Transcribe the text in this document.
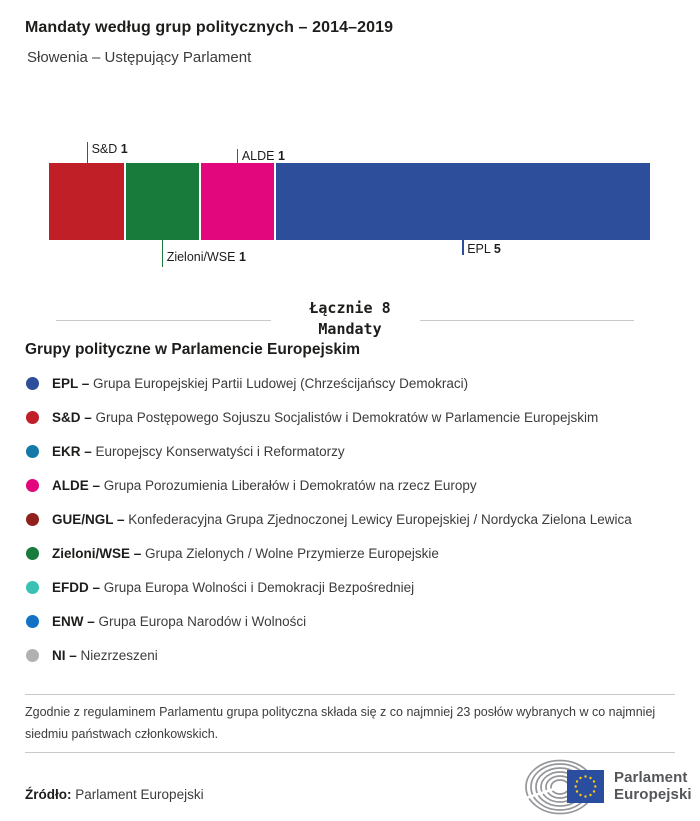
Mandaty według grup politycznych – 2014–2019
Słowenia – Ustępujący Parlament
S&D 1
Zieloni/WSE 1
ALDE 1
EPL 5
Łącznie 8
Mandaty
Grupy polityczne w Parlamencie Europejskim
EPL – Grupa Europejskiej Partii Ludowej (Chrześcijańscy Demokraci)
S&D – Grupa Postępowego Sojuszu Socjalistów i Demokratów w Parlamencie Europejskim
EKR – Europejscy Konserwatyści i Reformatorzy
ALDE – Grupa Porozumienia Liberałów i Demokratów na rzecz Europy
GUE/NGL – Konfederacyjna Grupa Zjednoczonej Lewicy Europejskiej / Nordycka Zielona Lewica
Zieloni/WSE – Grupa Zielonych / Wolne Przymierze Europejskie
EFDD – Grupa Europa Wolności i Demokracji Bezpośredniej
ENW – Grupa Europa Narodów i Wolności
NI – Niezrzeszeni
Zgodnie z regulaminem Parlamentu grupa polityczna składa się z co najmniej 23 posłów wybranych w co najmniej siedmiu państwach członkowskich.
Źródło: Parlament Europejski
Parlament
Europejski
